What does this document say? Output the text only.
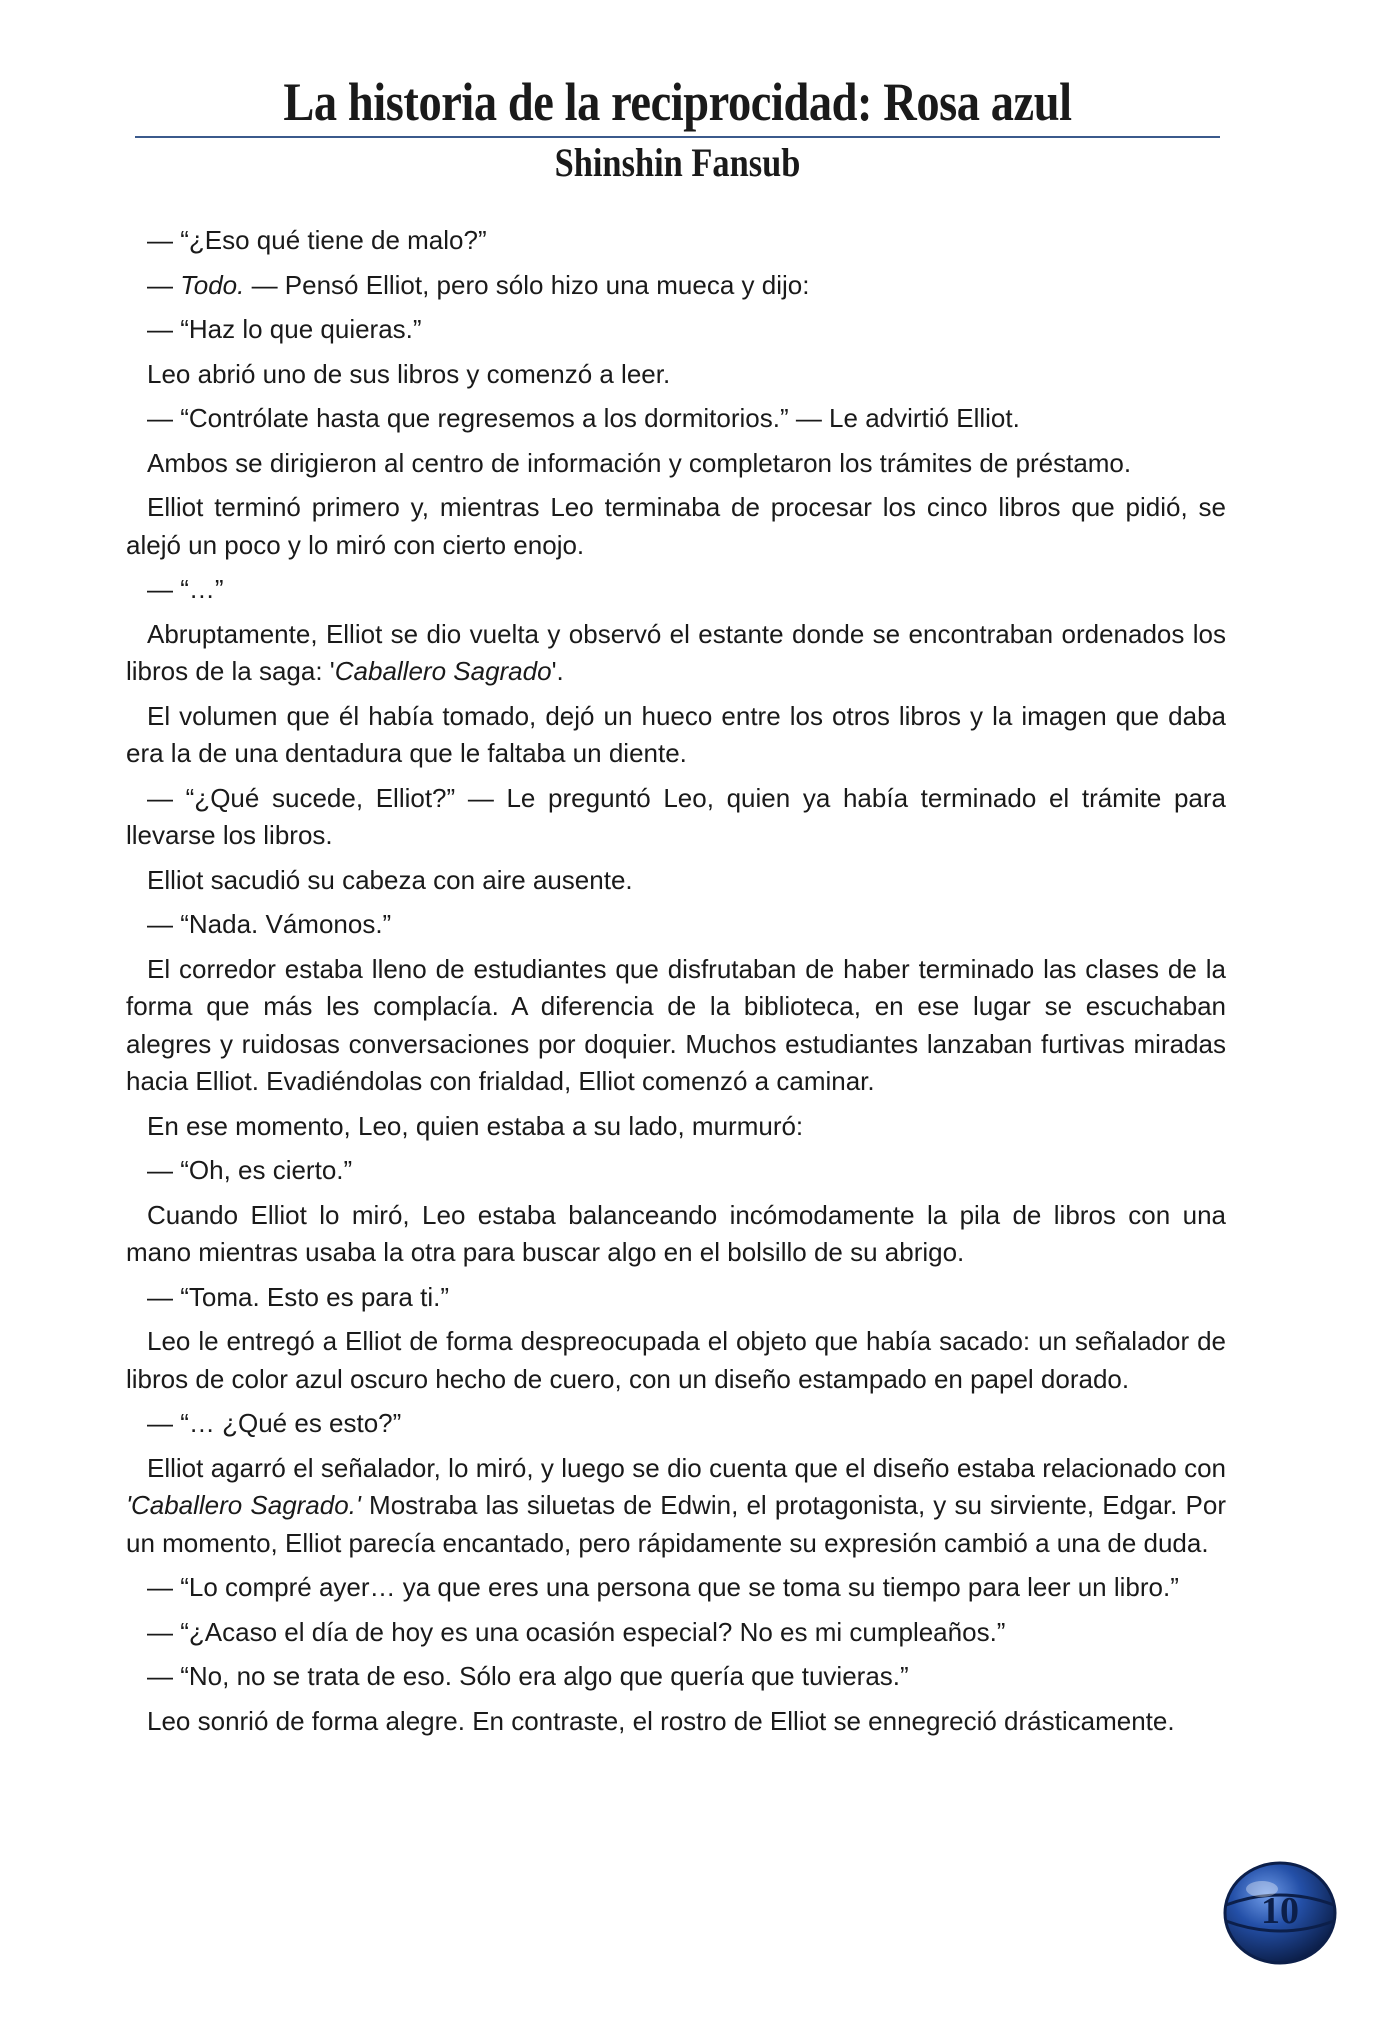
La historia de la reciprocidad: Rosa azul
Shinshin Fansub

— “¿Eso qué tiene de malo?”

— Todo. — Pensó Elliot, pero sólo hizo una mueca y dijo:

— “Haz lo que quieras.”

Leo abrió uno de sus libros y comenzó a leer.

— “Contrólate hasta que regresemos a los dormitorios.” — Le advirtió Elliot.

Ambos se dirigieron al centro de información y completaron los trámites de préstamo.

Elliot terminó primero y, mientras Leo terminaba de procesar los cinco libros que pidió, se alejó un poco y lo miró con cierto enojo.

— “…”

Abruptamente, Elliot se dio vuelta y observó el estante donde se encontraban ordenados los libros de la saga: 'Caballero Sagrado'.

El volumen que él había tomado, dejó un hueco entre los otros libros y la imagen que daba era la de una dentadura que le faltaba un diente.

— “¿Qué sucede, Elliot?” — Le preguntó Leo, quien ya había terminado el trámite para llevarse los libros.

Elliot sacudió su cabeza con aire ausente.

— “Nada. Vámonos.”

El corredor estaba lleno de estudiantes que disfrutaban de haber terminado las clases de la forma que más les complacía. A diferencia de la biblioteca, en ese lugar se escuchaban alegres y ruidosas conversaciones por doquier. Muchos estudiantes lanzaban furtivas miradas hacia Elliot. Evadiéndolas con frialdad, Elliot comenzó a caminar.

En ese momento, Leo, quien estaba a su lado, murmuró:

— “Oh, es cierto.”

Cuando Elliot lo miró, Leo estaba balanceando incómodamente la pila de libros con una mano mientras usaba la otra para buscar algo en el bolsillo de su abrigo.

— “Toma. Esto es para ti.”

Leo le entregó a Elliot de forma despreocupada el objeto que había sacado: un señalador de libros de color azul oscuro hecho de cuero, con un diseño estampado en papel dorado.

— “… ¿Qué es esto?”

Elliot agarró el señalador, lo miró, y luego se dio cuenta que el diseño estaba relacionado con 'Caballero Sagrado.' Mostraba las siluetas de Edwin, el protagonista, y su sirviente, Edgar. Por un momento, Elliot parecía encantado, pero rápidamente su expresión cambió a una de duda.

— “Lo compré ayer… ya que eres una persona que se toma su tiempo para leer un libro.”

— “¿Acaso el día de hoy es una ocasión especial? No es mi cumpleaños.”

— “No, no se trata de eso. Sólo era algo que quería que tuvieras.”

Leo sonrió de forma alegre. En contraste, el rostro de Elliot se ennegreció drásticamente.

10
